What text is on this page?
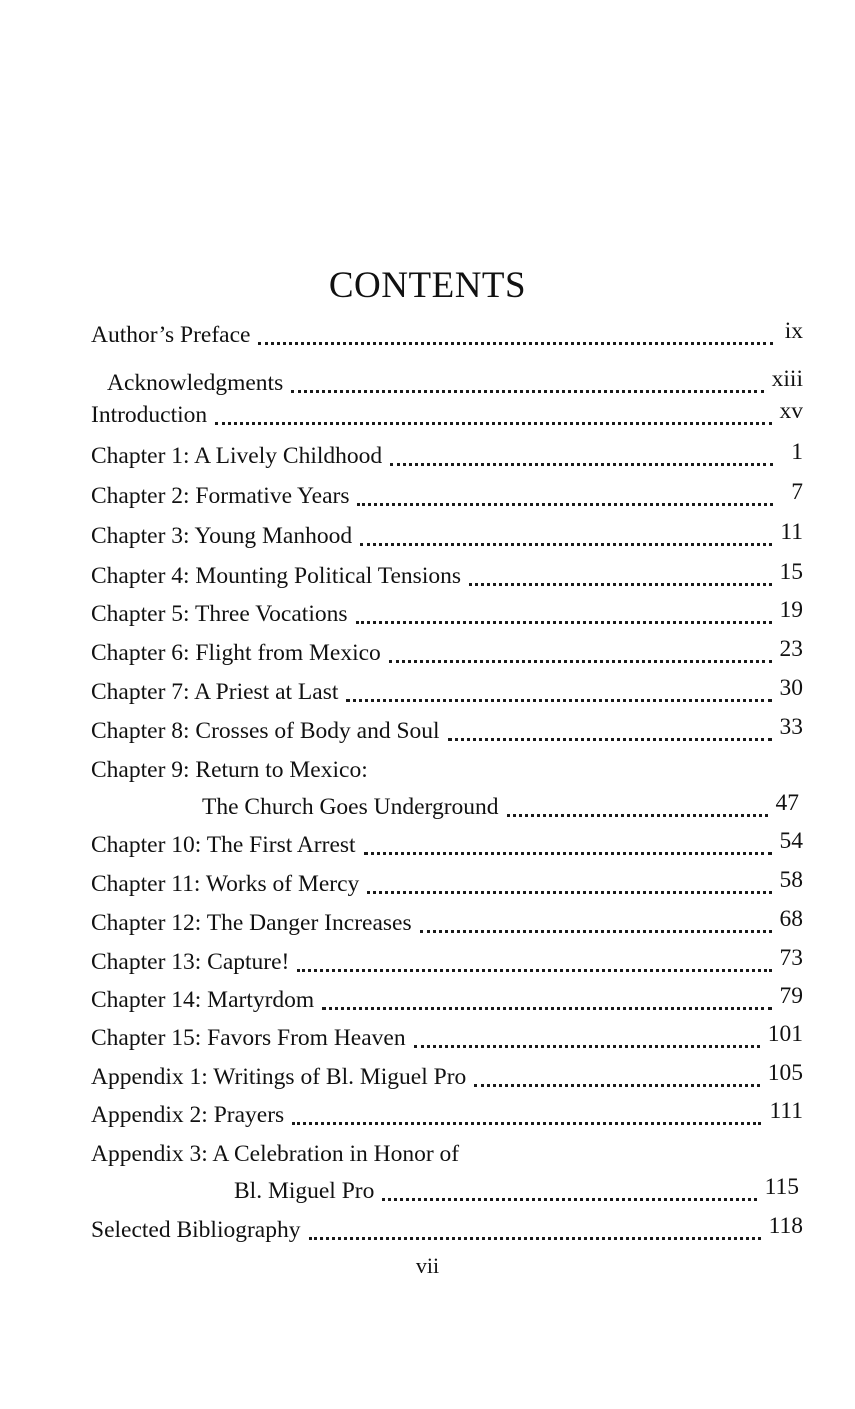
CONTENTS
Author’s Preface	ix
Acknowledgments	xiii
Introduction	xv
Chapter 1: A Lively Childhood	1
Chapter 2: Formative Years	7
Chapter 3: Young Manhood	11
Chapter 4: Mounting Political Tensions	15
Chapter 5: Three Vocations	19
Chapter 6: Flight from Mexico	23
Chapter 7: A Priest at Last	30
Chapter 8: Crosses of Body and Soul	33
Chapter 9: Return to Mexico:
The Church Goes Underground	47
Chapter 10: The First Arrest	54
Chapter 11: Works of Mercy	58
Chapter 12: The Danger Increases	68
Chapter 13: Capture!	73
Chapter 14: Martyrdom	79
Chapter 15: Favors From Heaven	101
Appendix 1: Writings of Bl. Miguel Pro	105
Appendix 2: Prayers	111
Appendix 3: A Celebration in Honor of
Bl. Miguel Pro	115
Selected Bibliography	118
vii
